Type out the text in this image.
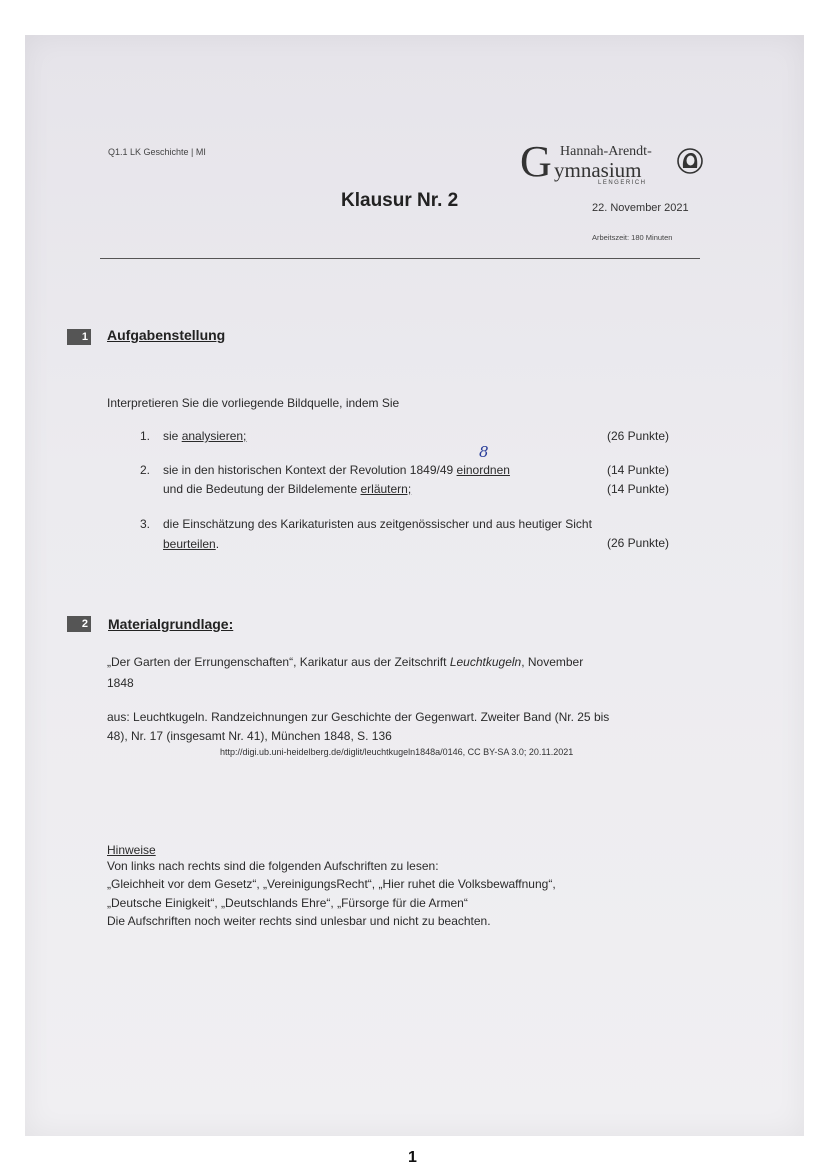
Q1.1 LK Geschichte | MI	G Hannah-Arendt-
ymnasium
LENGERICH
Klausur Nr. 2	22. November 2021
Arbeitszeit: 180 Minuten
1 Aufgabenstellung
Interpretieren Sie die vorliegende Bildquelle, indem Sie
1. sie analysieren;	(26 Punkte)
8
2. sie in den historischen Kontext der Revolution 1849/49 einordnen	(14 Punkte)
und die Bedeutung der Bildelemente erläutern;	(14 Punkte)
3. die Einschätzung des Karikaturisten aus zeitgenössischer und aus heutiger Sicht
beurteilen.	(26 Punkte)
2 Materialgrundlage:
„Der Garten der Errungenschaften“, Karikatur aus der Zeitschrift Leuchtkugeln, November
1848
aus: Leuchtkugeln. Randzeichnungen zur Geschichte der Gegenwart. Zweiter Band (Nr. 25 bis
48), Nr. 17 (insgesamt Nr. 41), München 1848, S. 136
http://digi.ub.uni-heidelberg.de/diglit/leuchtkugeln1848a/0146, CC BY-SA 3.0; 20.11.2021
Hinweise
Von links nach rechts sind die folgenden Aufschriften zu lesen:
„Gleichheit vor dem Gesetz“, „VereinigungsRecht“, „Hier ruhet die Volksbewaffnung“,
„Deutsche Einigkeit“, „Deutschlands Ehre“, „Fürsorge für die Armen“
Die Aufschriften noch weiter rechts sind unlesbar und nicht zu beachten.
1
